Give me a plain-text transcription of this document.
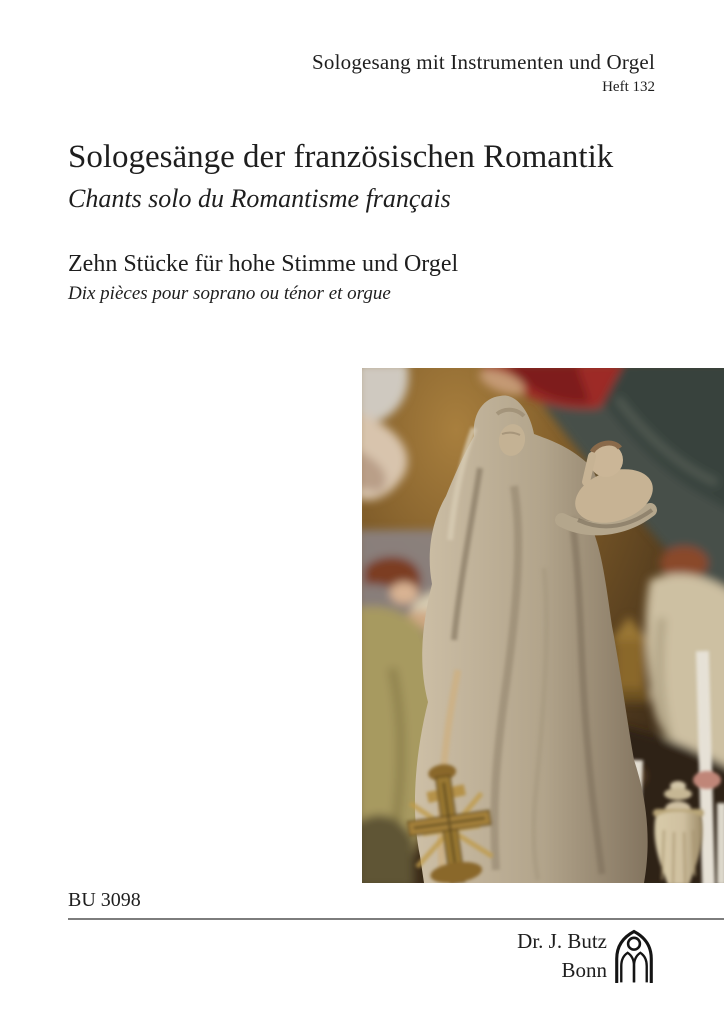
Sologesang mit Instrumenten und Orgel
Heft 132
Sologesänge der französischen Romantik
Chants solo du Romantisme français
Zehn Stücke für hohe Stimme und Orgel
Dix pièces pour soprano ou ténor et orgue
BU 3098
Dr. J. Butz
Bonn
